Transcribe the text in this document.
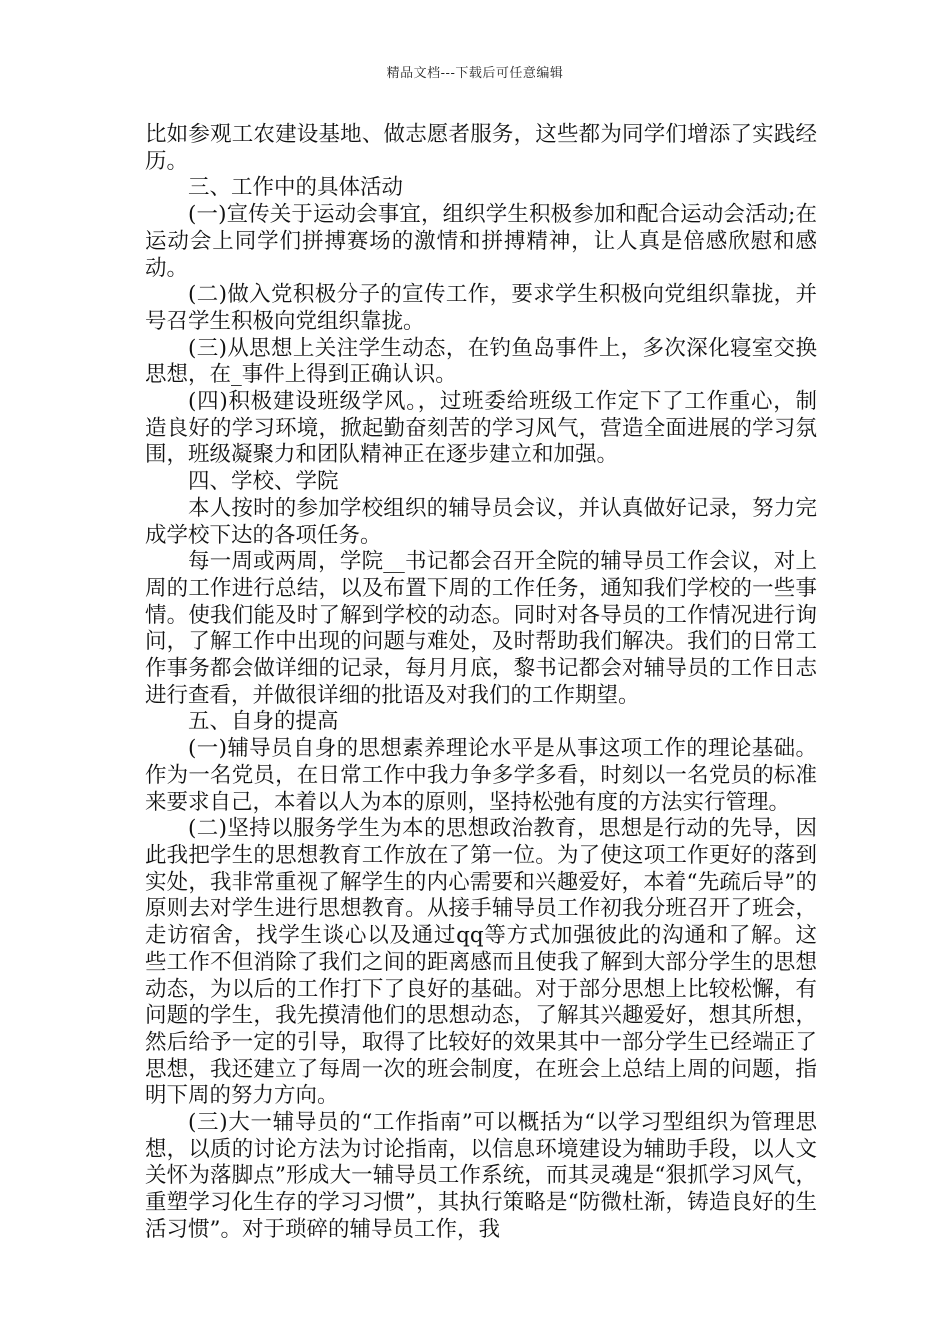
精品文档---下载后可任意编辑

比如参观工农建设基地、做志愿者服务，这些都为同学们增添了实践经历。

三、工作中的具体活动

(一)宣传关于运动会事宜，组织学生积极参加和配合运动会活动;在运动会上同学们拼搏赛场的激情和拼搏精神，让人真是倍感欣慰和感动。

(二)做入党积极分子的宣传工作，要求学生积极向党组织靠拢，并号召学生积极向党组织靠拢。

(三)从思想上关注学生动态，在钓鱼岛事件上，多次深化寝室交换思想，在_事件上得到正确认识。

(四)积极建设班级学风。，过班委给班级工作定下了工作重心，制造良好的学习环境，掀起勤奋刻苦的学习风气，营造全面进展的学习氛围，班级凝聚力和团队精神正在逐步建立和加强。

四、学校、学院

本人按时的参加学校组织的辅导员会议，并认真做好记录，努力完成学校下达的各项任务。

每一周或两周，学院__书记都会召开全院的辅导员工作会议，对上周的工作进行总结，以及布置下周的工作任务，通知我们学校的一些事情。使我们能及时了解到学校的动态。同时对各导员的工作情况进行询问，了解工作中出现的问题与难处，及时帮助我们解决。我们的日常工作事务都会做详细的记录，每月月底，黎书记都会对辅导员的工作日志进行查看，并做很详细的批语及对我们的工作期望。

五、自身的提高

(一)辅导员自身的思想素养理论水平是从事这项工作的理论基础。作为一名党员，在日常工作中我力争多学多看，时刻以一名党员的标准来要求自己，本着以人为本的原则，坚持松弛有度的方法实行管理。

(二)坚持以服务学生为本的思想政治教育，思想是行动的先导，因此我把学生的思想教育工作放在了第一位。为了使这项工作更好的落到实处，我非常重视了解学生的内心需要和兴趣爱好，本着“先疏后导”的原则去对学生进行思想教育。从接手辅导员工作初我分班召开了班会，走访宿舍，找学生谈心以及通过qq等方式加强彼此的沟通和了解。这些工作不但消除了我们之间的距离感而且使我了解到大部分学生的思想动态，为以后的工作打下了良好的基础。对于部分思想上比较松懈，有问题的学生，我先摸清他们的思想动态，了解其兴趣爱好，想其所想，然后给予一定的引导，取得了比较好的效果其中一部分学生已经端正了思想，我还建立了每周一次的班会制度，在班会上总结上周的问题，指明下周的努力方向。

(三)大一辅导员的“工作指南”可以概括为“以学习型组织为管理思想，以质的讨论方法为讨论指南，以信息环境建设为辅助手段，以人文关怀为落脚点”形成大一辅导员工作系统，而其灵魂是“狠抓学习风气，重塑学习化生存的学习习惯”，其执行策略是“防微杜渐，铸造良好的生活习惯”。对于琐碎的辅导员工作，我
